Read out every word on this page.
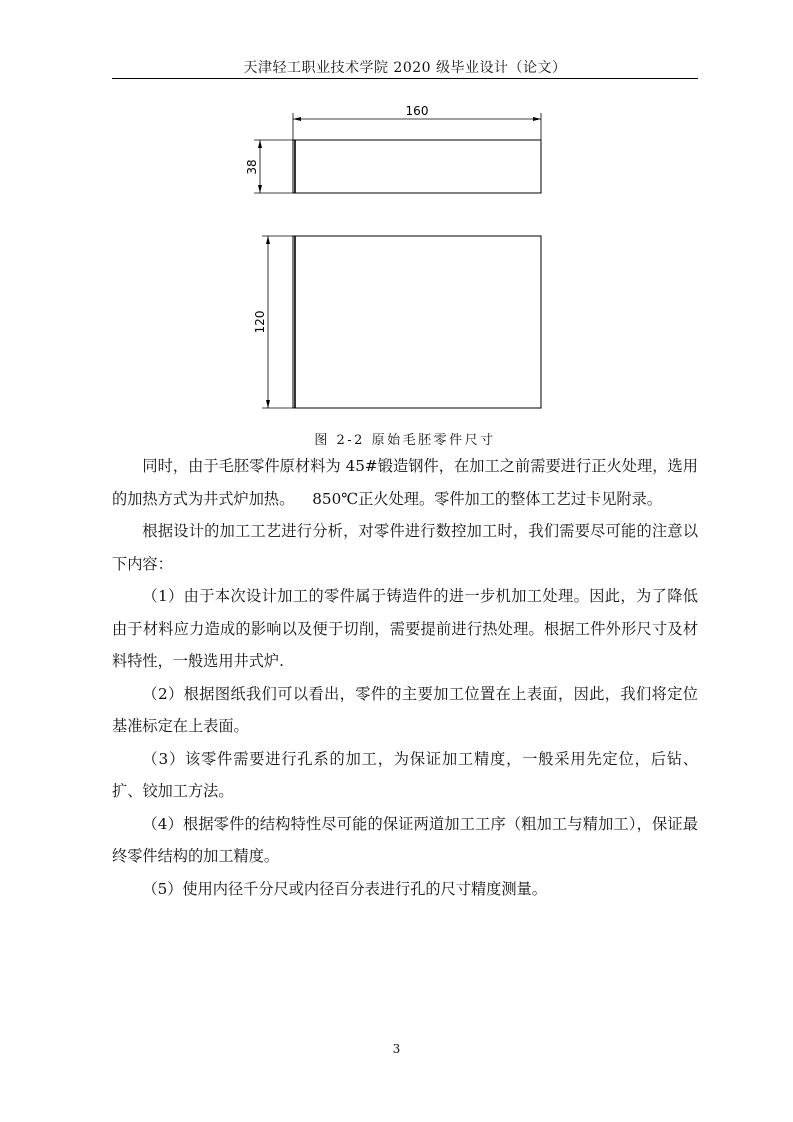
天津轻工职业技术学院 2020 级毕业设计（论文）
160
38
120
图 2-2 原始毛胚零件尺寸

同时，由于毛胚零件原材料为 45#锻造钢件，在加工之前需要进行正火处理，选用的加热方式为井式炉加热。 850℃正火处理。零件加工的整体工艺过卡见附录。

根据设计的加工工艺进行分析，对零件进行数控加工时，我们需要尽可能的注意以下内容：

（1）由于本次设计加工的零件属于铸造件的进一步机加工处理。因此，为了降低由于材料应力造成的影响以及便于切削，需要提前进行热处理。根据工件外形尺寸及材料特性，一般选用井式炉.

（2）根据图纸我们可以看出，零件的主要加工位置在上表面，因此，我们将定位基准标定在上表面。

（3）该零件需要进行孔系的加工，为保证加工精度，一般采用先定位，后钻、扩、铰加工方法。

（4）根据零件的结构特性尽可能的保证两道加工工序（粗加工与精加工），保证最终零件结构的加工精度。

（5）使用内径千分尺或内径百分表进行孔的尺寸精度测量。

3
